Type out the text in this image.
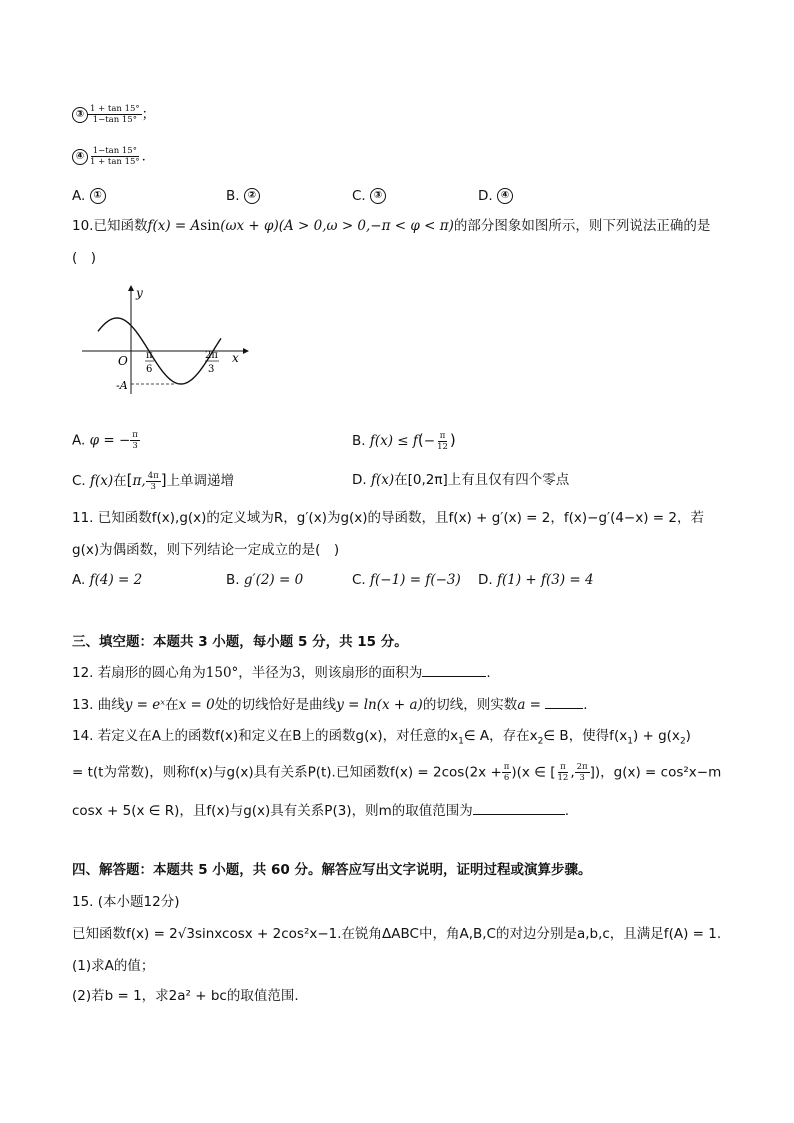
③ $\frac{1 + \tan 15^\circ}{1-\tan 15^\circ}$ ；
④ $\frac{1-\tan 15^\circ}{1 + \tan 15^\circ}$ ．
A. ①	B. ②	C. ③	D. ④
10.已知函数f(x) = Asin(ωx + φ)(A > 0,ω > 0,−π < φ < π)的部分图象如图所示，则下列说法正确的是
(　)
y
x
O π
6
2π
3
-A
A. φ = − $\frac{\pi}{3}$	B. $f(x) \le f(- \frac{\pi}{12}$ )
C. f(x)在[π, $\frac{4\pi}{3}$ ]上单调递增	D. f(x)在[0,2π]上有且仅有四个零点
11. 已知函数f(x),g(x)的定义域为R，g′(x)为g(x)的导函数，且f(x) + g′(x) = 2，f(x)−g′(4−x) = 2，若
g(x)为偶函数，则下列结论一定成立的是(　)
A. f(4) = 2	B. g′(2) = 0	C. f(−1) = f(−3) D. f(1) + f(3) = 4
三、填空题：本题共 3 小题，每小题 5 分，共 15 分。
12. 若扇形的圆心角为150°，半径为3，则该扇形的面积为	.
13. 曲线y = eˣ在x = 0处的切线恰好是曲线y = ln(x + a)的切线，则实数a =	.
14. 若定义在A上的函数f(x)和定义在B上的函数g(x)，对任意的$x_1\in$ A，存在$x_2\in$ B，使得$f(x_1) + g(x_2)$
= t(t为常数)，则称f(x)与g(x)具有关系P(t).已知函数$f(x) = 2\cos(2x + \frac{\pi}{6} )(x$ ∈ [ $\frac{\pi}{12}$ , $\frac{2\pi}{3}$ ])，g(x) = cos²x−m
cosx + 5(x ∈ R)，且f(x)与g(x)具有关系P(3)，则m的取值范围为	.
四、解答题：本题共 5 小题，共 60 分。解答应写出文字说明，证明过程或演算步骤。
15. (本小题12分)
已知函数f(x) = 2√3sinxcosx + 2cos²x−1.在锐角ΔABC中，角A,B,C的对边分别是a,b,c，且满足f(A) = 1.
(1)求A的值；
(2)若b = 1，求2a² + bc的取值范围.
